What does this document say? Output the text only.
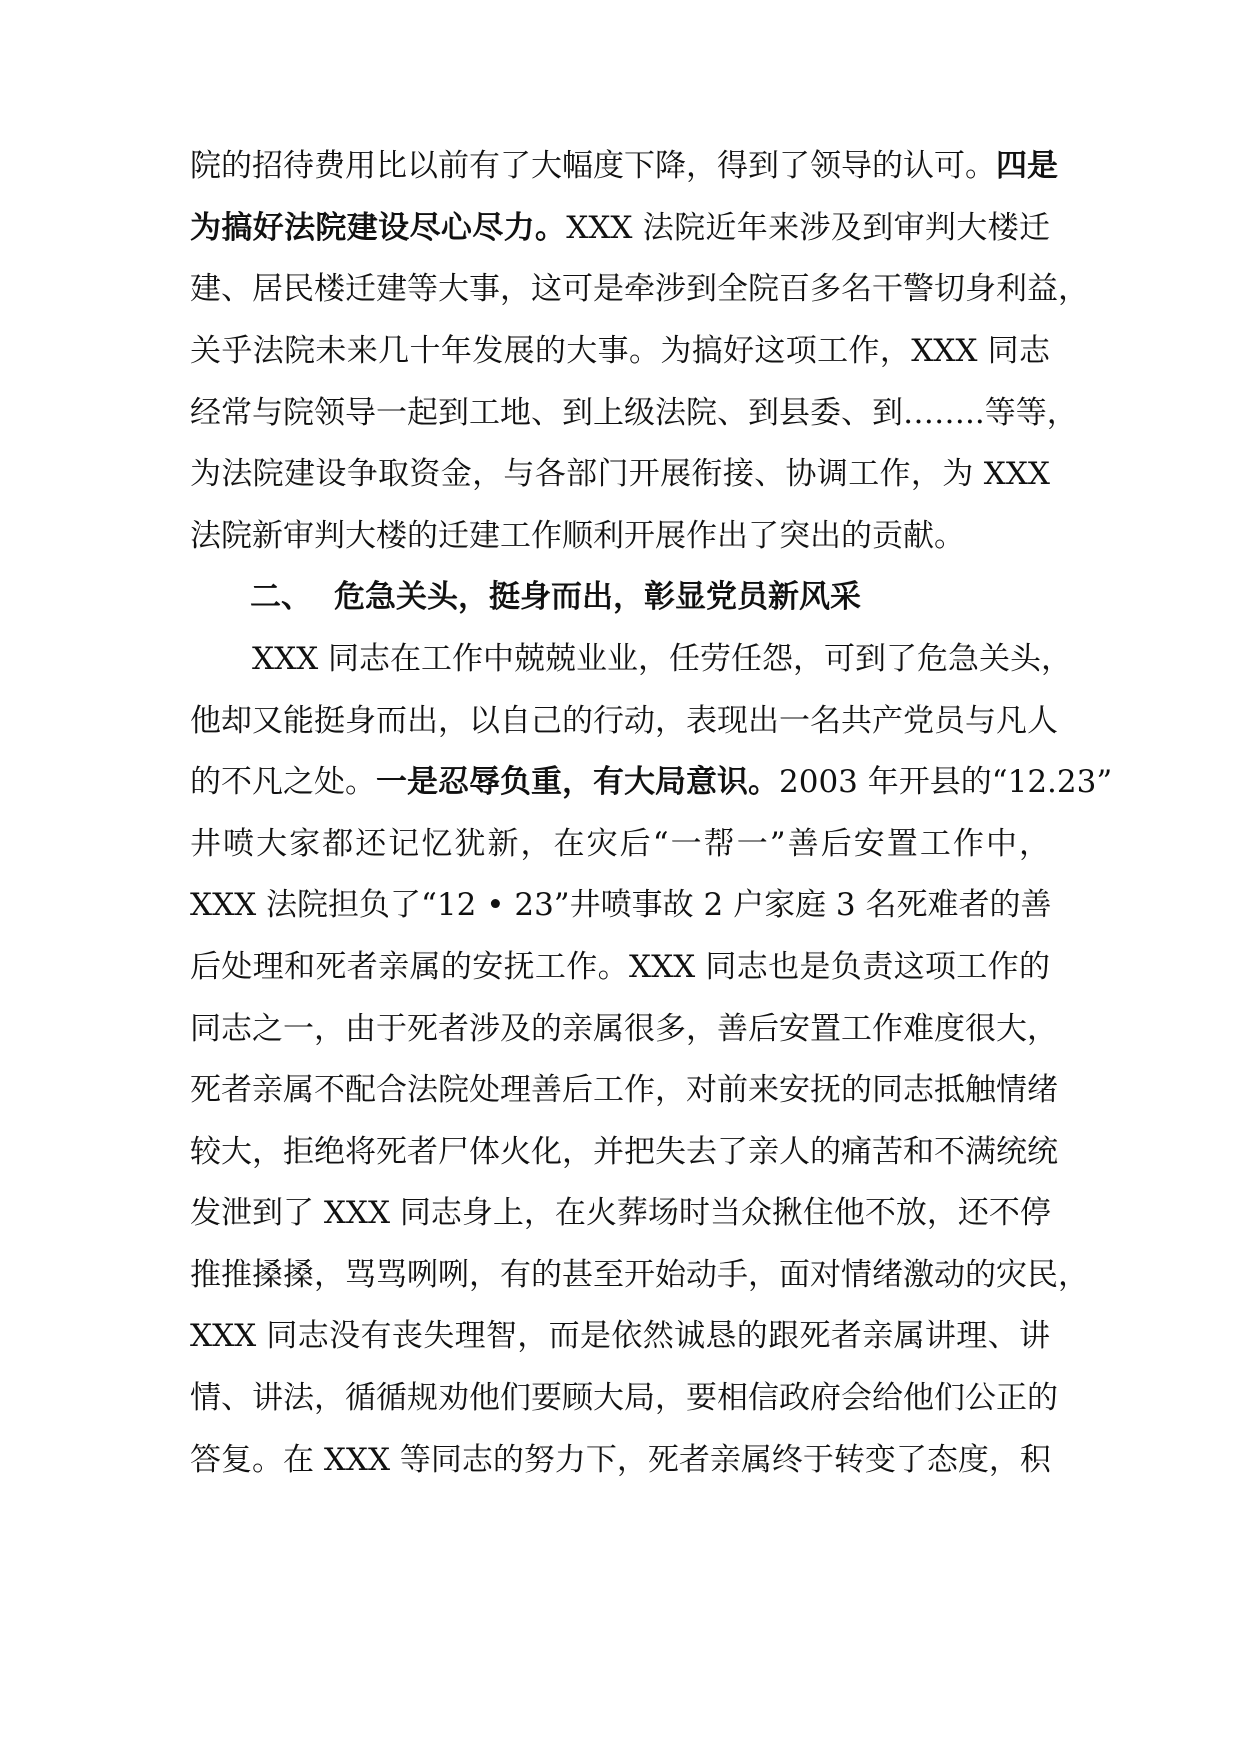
院的招待费用比以前有了大幅度下降，得到了领导的认可。四是
为搞好法院建设尽心尽力。XXX 法院近年来涉及到审判大楼迁
建、居民楼迁建等大事，这可是牵涉到全院百多名干警切身利益，
关乎法院未来几十年发展的大事。为搞好这项工作，XXX 同志
经常与院领导一起到工地、到上级法院、到县委、到……..等等，
为法院建设争取资金，与各部门开展衔接、协调工作，为 XXX
法院新审判大楼的迁建工作顺利开展作出了突出的贡献。
二、 危急关头，挺身而出，彰显党员新风采
XXX 同志在工作中兢兢业业，任劳任怨，可到了危急关头，
他却又能挺身而出，以自己的行动，表现出一名共产党员与凡人
的不凡之处。一是忍辱负重，有大局意识。2003 年开县的“12.23”
井喷大家都还记忆犹新，在灾后“一帮一”善后安置工作中，
XXX 法院担负了“12 • 23”井喷事故 2 户家庭 3 名死难者的善
后处理和死者亲属的安抚工作。XXX 同志也是负责这项工作的
同志之一，由于死者涉及的亲属很多，善后安置工作难度很大，
死者亲属不配合法院处理善后工作，对前来安抚的同志抵触情绪
较大，拒绝将死者尸体火化，并把失去了亲人的痛苦和不满统统
发泄到了 XXX 同志身上，在火葬场时当众揪住他不放，还不停
推推搡搡，骂骂咧咧，有的甚至开始动手，面对情绪激动的灾民，
XXX 同志没有丧失理智，而是依然诚恳的跟死者亲属讲理、讲
情、讲法，循循规劝他们要顾大局，要相信政府会给他们公正的
答复。在 XXX 等同志的努力下，死者亲属终于转变了态度，积
